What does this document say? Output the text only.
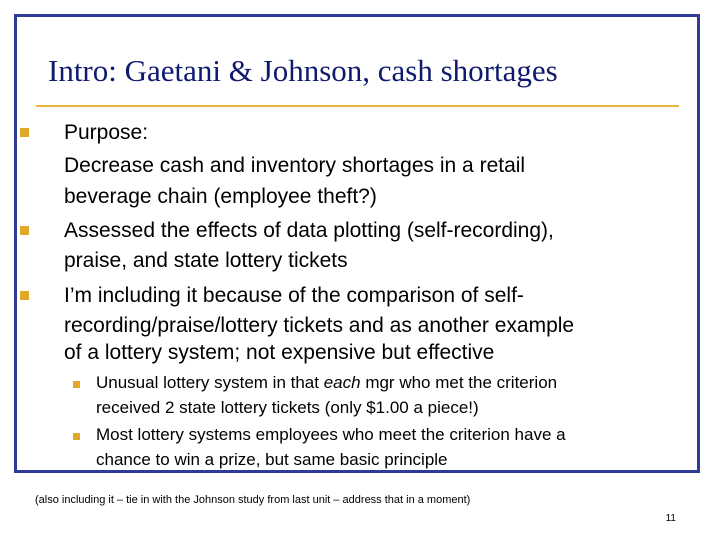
Intro: Gaetani & Johnson, cash shortages
Purpose:
Decrease cash and inventory shortages in a retail
beverage chain (employee theft?)
Assessed the effects of data plotting (self-recording),
praise, and state lottery tickets
I’m including it because of the comparison of self-
recording/praise/lottery tickets and as another example
of a lottery system; not expensive but effective
Unusual lottery system in that each mgr who met the criterion
received 2 state lottery tickets (only $1.00 a piece!)
Most lottery systems employees who meet the criterion have a
chance to win a prize, but same basic principle
(also including it – tie in with the Johnson study from last unit – address that in a moment)
11
